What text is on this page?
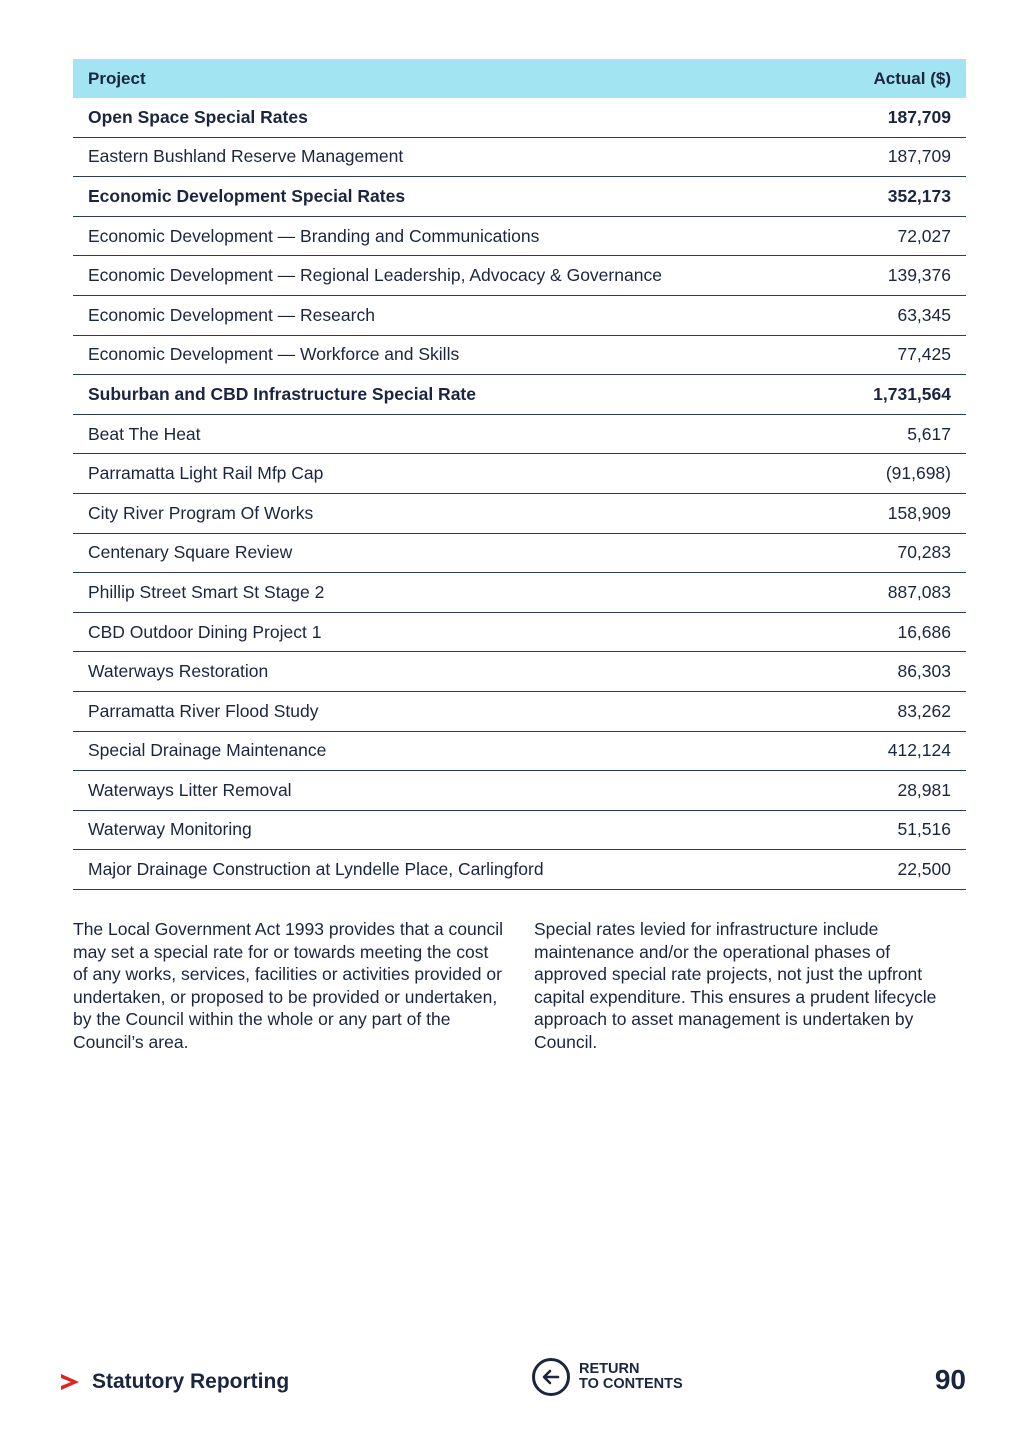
Project	Actual ($)
Open Space Special Rates	187,709
Eastern Bushland Reserve Management	187,709
Economic Development Special Rates	352,173
Economic Development — Branding and Communications	72,027
Economic Development — Regional Leadership, Advocacy & Governance	139,376
Economic Development — Research	63,345
Economic Development — Workforce and Skills	77,425
Suburban and CBD Infrastructure Special Rate	1,731,564
Beat The Heat	5,617
Parramatta Light Rail Mfp Cap	(91,698)
City River Program Of Works	158,909
Centenary Square Review	70,283
Phillip Street Smart St Stage 2	887,083
CBD Outdoor Dining Project 1	16,686
Waterways Restoration	86,303
Parramatta River Flood Study	83,262
Special Drainage Maintenance	412,124
Waterways Litter Removal	28,981
Waterway Monitoring	51,516
Major Drainage Construction at Lyndelle Place, Carlingford	22,500

The Local Government Act 1993 provides that a council may set a special rate for or towards meeting the cost of any works, services, facilities or activities provided or undertaken, or proposed to be provided or undertaken, by the Council within the whole or any part of the Council’s area.

Special rates levied for infrastructure include maintenance and/or the operational phases of approved special rate projects, not just the upfront capital expenditure. This ensures a prudent lifecycle approach to asset management is undertaken by Council.

Statutory Reporting
RETURN
TO CONTENTS	90
